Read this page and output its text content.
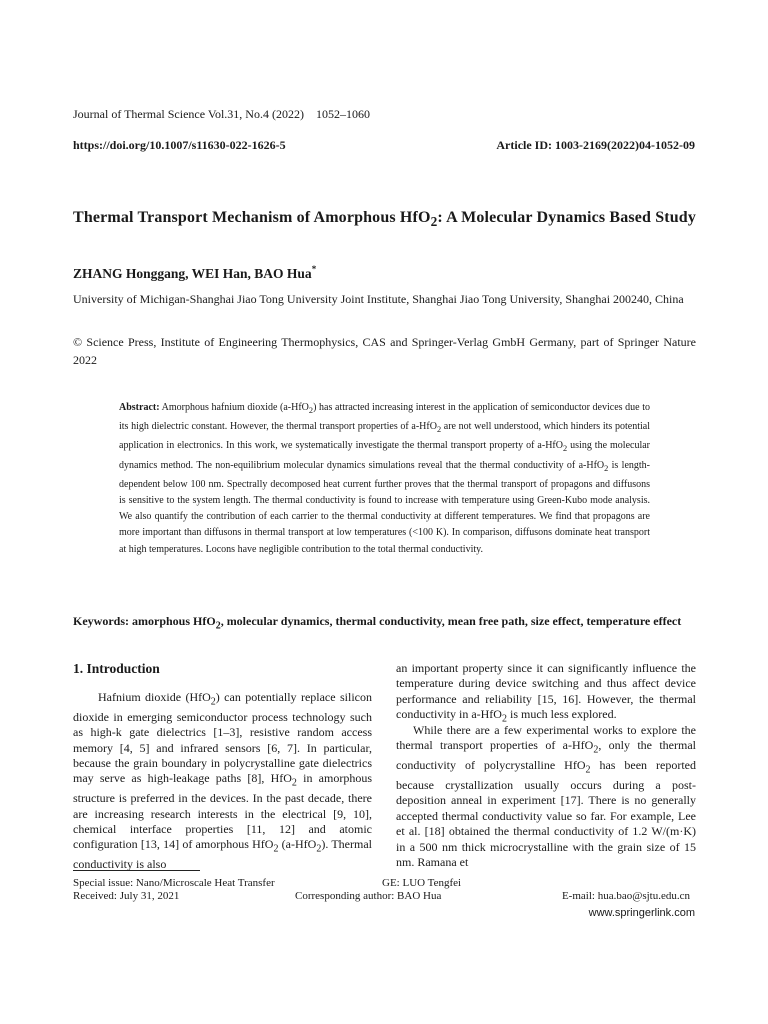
Journal of Thermal Science Vol.31, No.4 (2022) 1052–1060
https://doi.org/10.1007/s11630-022-1626-5	Article ID: 1003-2169(2022)04-1052-09
Thermal Transport Mechanism of Amorphous HfO$_2$: A Molecular Dynamics Based Study
ZHANG Honggang, WEI Han, BAO Hua*

University of Michigan-Shanghai Jiao Tong University Joint Institute, Shanghai Jiao Tong University, Shanghai 200240, China

© Science Press, Institute of Engineering Thermophysics, CAS and Springer-Verlag GmbH Germany, part of Springer Nature 2022

Abstract: Amorphous hafnium dioxide (a-HfO$_2$) has attracted increasing interest in the application of semiconductor devices due to its high dielectric constant. However, the thermal transport properties of a-HfO$_2$ are not well understood, which hinders its potential application in electronics. In this work, we systematically investigate the thermal transport property of a-HfO$_2$ using the molecular dynamics method. The non-equilibrium molecular dynamics simulations reveal that the thermal conductivity of a-HfO$_2$ is length-dependent below 100 nm. Spectrally decomposed heat current further proves that the thermal transport of propagons and diffusons is sensitive to the system length. The thermal conductivity is found to increase with temperature using Green-Kubo mode analysis. We also quantify the contribution of each carrier to the thermal conductivity at different temperatures. We find that propagons are more important than diffusons in thermal transport at low temperatures (<100 K). In comparison, diffusons dominate heat transport at high temperatures. Locons have negligible contribution to the total thermal conductivity.

Keywords: amorphous HfO$_2$, molecular dynamics, thermal conductivity, mean free path, size effect, temperature effect

1. Introduction

Hafnium dioxide (HfO$_2$) can potentially replace silicon dioxide in emerging semiconductor process technology such as high-k gate dielectrics [1–3], resistive random access memory [4, 5] and infrared sensors [6, 7]. In particular, because the grain boundary in polycrystalline gate dielectrics may serve as high-leakage paths [8], HfO$_2$ in amorphous structure is preferred in the devices. In the past decade, there are increasing research interests in the electrical [9, 10], chemical interface properties [11, 12] and atomic configuration [13, 14] of amorphous HfO$_2$ (a-HfO$_2$). Thermal conductivity is also

an important property since it can significantly influence the temperature during device switching and thus affect device performance and reliability [15, 16]. However, the thermal conductivity in a-HfO$_2$ is much less explored.

While there are a few experimental works to explore the thermal transport properties of a-HfO$_2$, only the thermal conductivity of polycrystalline HfO$_2$ has been reported because crystallization usually occurs during a post-deposition anneal in experiment [17]. There is no generally accepted thermal conductivity value so far. For example, Lee et al. [18] obtained the thermal conductivity of 1.2 W/(m·K) in a 500 nm thick microcrystalline with the grain size of 15 nm. Ramana et

Special issue: Nano/Microscale Heat Transfer	GE: LUO Tengfei
Received: July 31, 2021	Corresponding author: BAO Hua	E-mail: hua.bao@sjtu.edu.cn
www.springerlink.com
